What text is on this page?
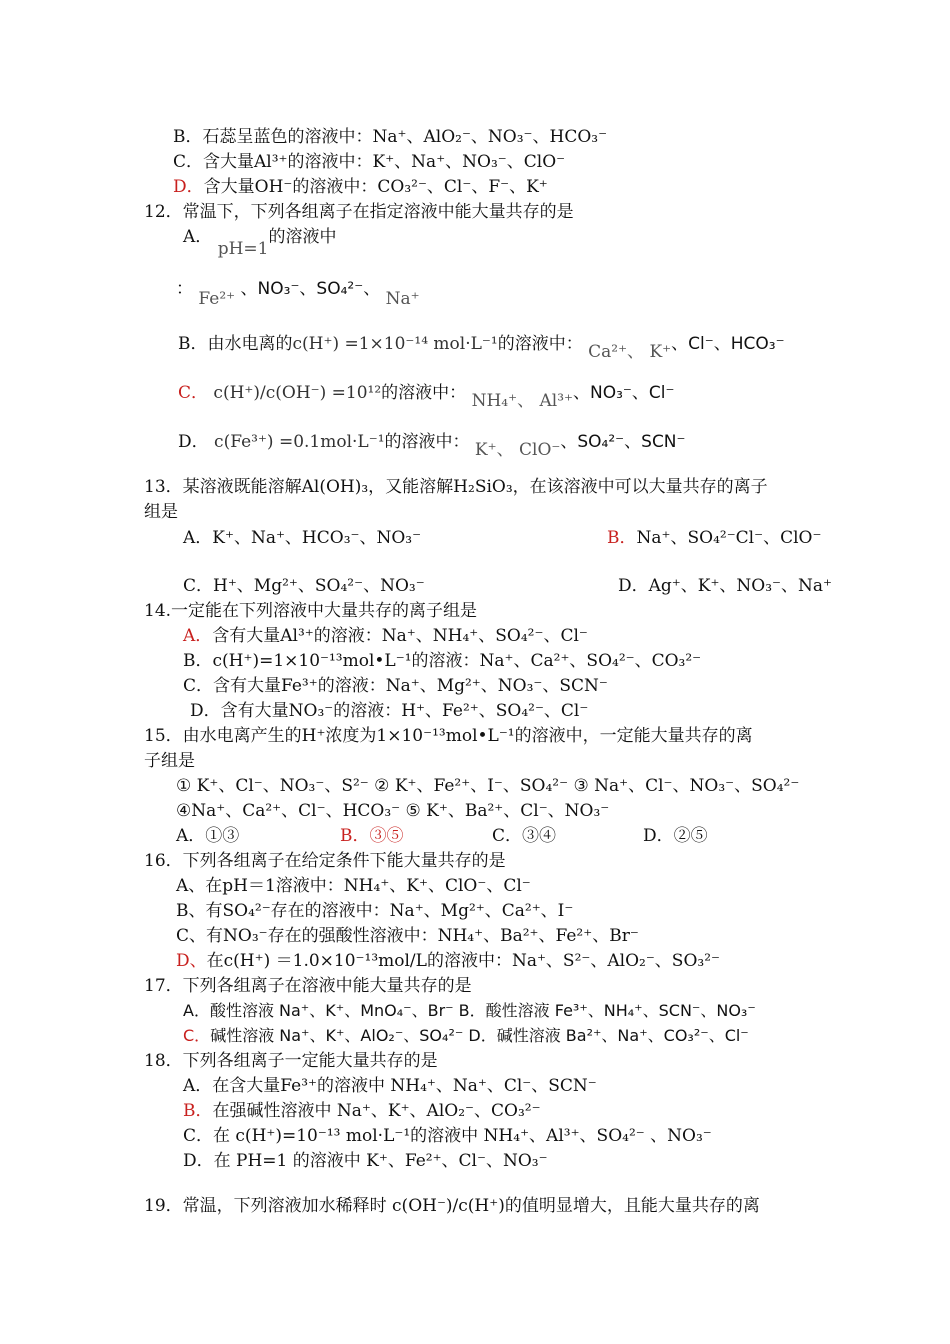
B．石蕊呈蓝色的溶液中：Na⁺、AlO₂⁻、NO₃⁻、HCO₃⁻
C．含大量Al³⁺的溶液中：K⁺、Na⁺、NO₃⁻、ClO⁻
D．含大量OH⁻的溶液中：CO₃²⁻、Cl⁻、F⁻、K⁺
12．常温下，下列各组离子在指定溶液中能大量共存的是
A． pH=1的溶液中
： Fe²⁺ 、NO₃⁻、SO₄²⁻、 Na⁺
B．由水电离的c(H⁺) =1×10⁻¹⁴ mol·L⁻¹的溶液中： Ca²⁺、 K⁺、Cl⁻、HCO₃⁻
C． c(H⁺)/c(OH⁻) =10¹²的溶液中： NH₄⁺、 Al³⁺、NO₃⁻、Cl⁻
D． c(Fe³⁺) =0.1mol·L⁻¹的溶液中： K⁺、 ClO⁻、SO₄²⁻、SCN⁻
13．某溶液既能溶解Al(OH)₃，又能溶解H₂SiO₃，在该溶液中可以大量共存的离子
组是
A．K⁺、Na⁺、HCO₃⁻、NO₃⁻	B．Na⁺、SO₄²⁻Cl⁻、ClO⁻
C．H⁺、Mg²⁺、SO₄²⁻、NO₃⁻	D．Ag⁺、K⁺、NO₃⁻、Na⁺
14.一定能在下列溶液中大量共存的离子组是
A．含有大量Al³⁺的溶液：Na⁺、NH₄⁺、SO₄²⁻、Cl⁻
B．c(H⁺)=1×10⁻¹³mol•L⁻¹的溶液：Na⁺、Ca²⁺、SO₄²⁻、CO₃²⁻
C．含有大量Fe³⁺的溶液：Na⁺、Mg²⁺、NO₃⁻、SCN⁻
D．含有大量NO₃⁻的溶液：H⁺、Fe²⁺、SO₄²⁻、Cl⁻
15．由水电离产生的H⁺浓度为1×10⁻¹³mol•L⁻¹的溶液中，一定能大量共存的离
子组是
① K⁺、Cl⁻、NO₃⁻、S²⁻ ② K⁺、Fe²⁺、I⁻、SO₄²⁻ ③ Na⁺、Cl⁻、NO₃⁻、SO₄²⁻
④Na⁺、Ca²⁺、Cl⁻、HCO₃⁻ ⑤ K⁺、Ba²⁺、Cl⁻、NO₃⁻
A．①③	B．③⑤	C．③④	D．②⑤
16．下列各组离子在给定条件下能大量共存的是
A、在pH＝1溶液中：NH₄⁺、K⁺、ClO⁻、Cl⁻
B、有SO₄²⁻存在的溶液中：Na⁺、Mg²⁺、Ca²⁺、I⁻
C、有NO₃⁻存在的强酸性溶液中：NH₄⁺、Ba²⁺、Fe²⁺、Br⁻
D、在c(H⁺) ＝1.0×10⁻¹³mol/L的溶液中：Na⁺、S²⁻、AlO₂⁻、SO₃²⁻
17．下列各组离子在溶液中能大量共存的是
A．酸性溶液 Na⁺、K⁺、MnO₄⁻、Br⁻ B．酸性溶液 Fe³⁺、NH₄⁺、SCN⁻、NO₃⁻
C．碱性溶液 Na⁺、K⁺、AlO₂⁻、SO₄²⁻ D．碱性溶液 Ba²⁺、Na⁺、CO₃²⁻、Cl⁻
18．下列各组离子一定能大量共存的是
A．在含大量Fe³⁺的溶液中 NH₄⁺、Na⁺、Cl⁻、SCN⁻
B．在强碱性溶液中 Na⁺、K⁺、AlO₂⁻、CO₃²⁻
C．在 c(H⁺)=10⁻¹³ mol·L⁻¹的溶液中 NH₄⁺、Al³⁺、SO₄²⁻ 、NO₃⁻
D．在 PH=1 的溶液中 K⁺、Fe²⁺、Cl⁻、NO₃⁻
19．常温，下列溶液加水稀释时 c(OH⁻)/c(H⁺)的值明显增大，且能大量共存的离
